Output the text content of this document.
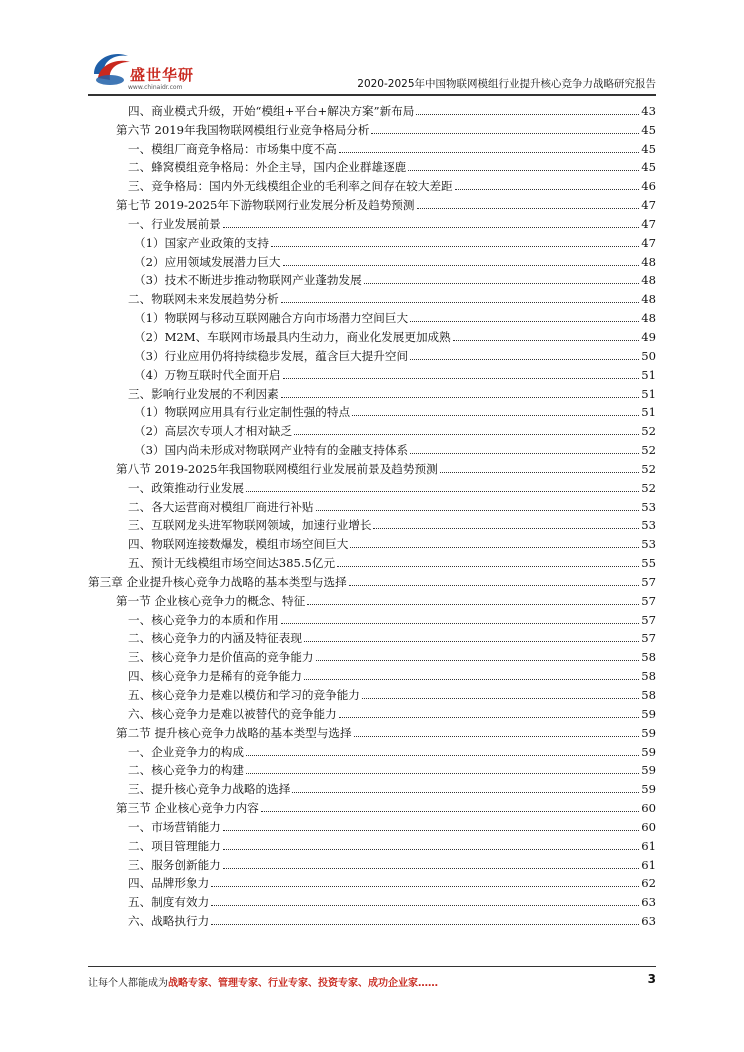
盛世华研
www.chinaidr.com	2020-2025年中国物联网模组行业提升核心竞争力战略研究报告
四、商业模式升级，开始“模组+平台+解决方案”新布局	43
第六节 2019年我国物联网模组行业竞争格局分析	45
一、模组厂商竞争格局：市场集中度不高	45
二、蜂窝模组竞争格局：外企主导，国内企业群雄逐鹿	45
三、竞争格局：国内外无线模组企业的毛利率之间存在较大差距	46
第七节 2019-2025年下游物联网行业发展分析及趋势预测	47
一、行业发展前景	47
（1）国家产业政策的支持	47
（2）应用领域发展潜力巨大	48
（3）技术不断进步推动物联网产业蓬勃发展	48
二、物联网未来发展趋势分析	48
（1）物联网与移动互联网融合方向市场潜力空间巨大	48
（2）M2M、车联网市场最具内生动力，商业化发展更加成熟	49
（3）行业应用仍将持续稳步发展，蕴含巨大提升空间	50
（4）万物互联时代全面开启	51
三、影响行业发展的不利因素	51
（1）物联网应用具有行业定制性强的特点	51
（2）高层次专项人才相对缺乏	52
（3）国内尚未形成对物联网产业特有的金融支持体系	52
第八节 2019-2025年我国物联网模组行业发展前景及趋势预测	52
一、政策推动行业发展	52
二、各大运营商对模组厂商进行补贴	53
三、互联网龙头进军物联网领域，加速行业增长	53
四、物联网连接数爆发，模组市场空间巨大	53
五、预计无线模组市场空间达385.5亿元	55
第三章 企业提升核心竞争力战略的基本类型与选择	57
第一节 企业核心竞争力的概念、特征	57
一、核心竞争力的本质和作用	57
二、核心竞争力的内涵及特征表现	57
三、核心竞争力是价值高的竞争能力	58
四、核心竞争力是稀有的竞争能力	58
五、核心竞争力是难以模仿和学习的竞争能力	58
六、核心竞争力是难以被替代的竞争能力	59
第二节 提升核心竞争力战略的基本类型与选择	59
一、企业竞争力的构成	59
二、核心竞争力的构建	59
三、提升核心竞争力战略的选择	59
第三节 企业核心竞争力内容	60
一、市场营销能力	60
二、项目管理能力	61
三、服务创新能力	61
四、品牌形象力	62
五、制度有效力	63
六、战略执行力	63
让每个人都能成为战略专家、管理专家、行业专家、投资专家、成功企业家……	3
